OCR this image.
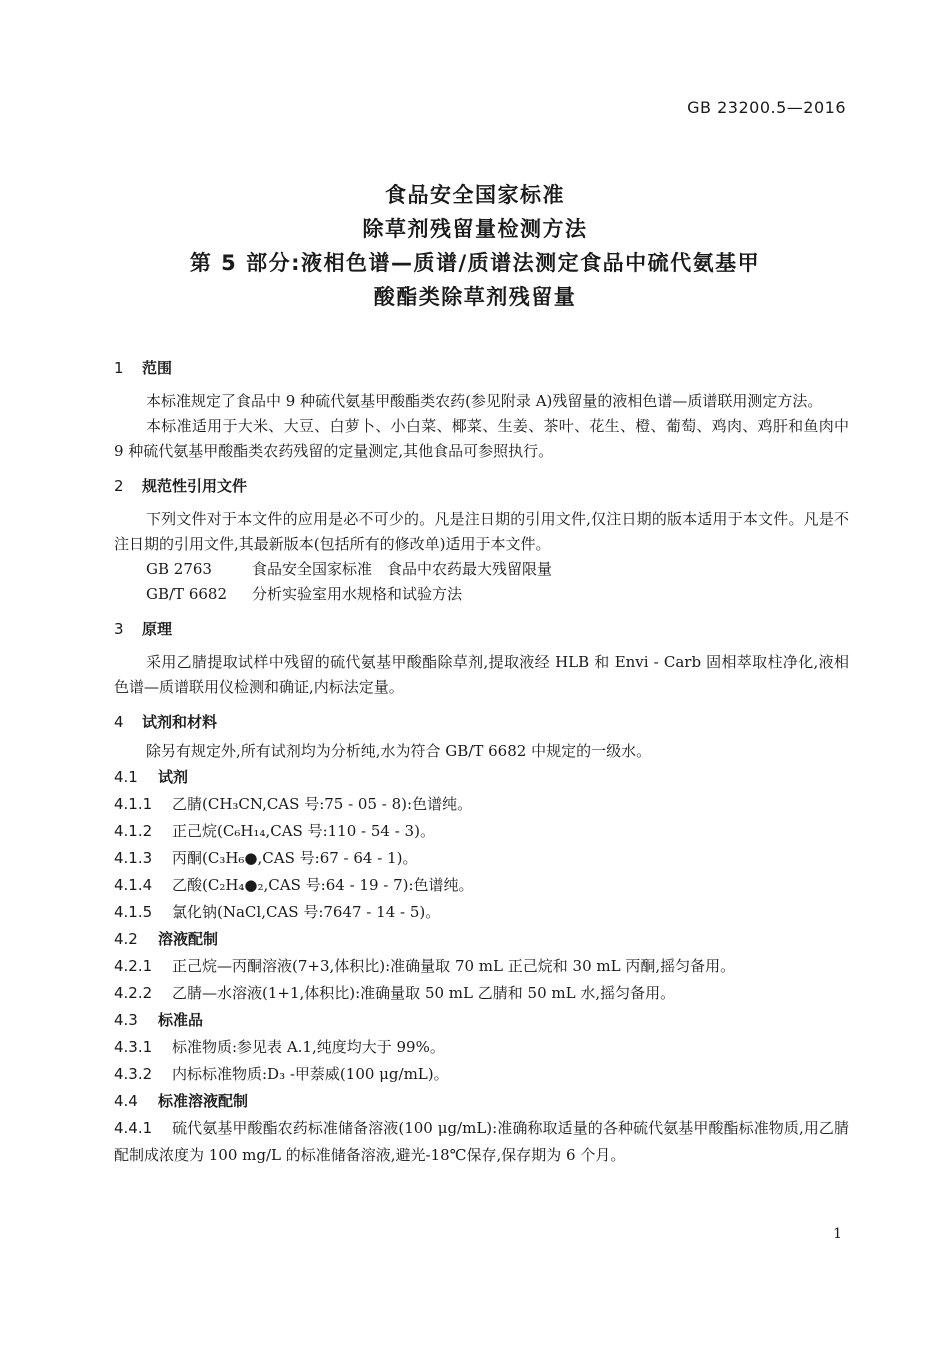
GB 23200.5—2016
食品安全国家标准
除草剂残留量检测方法
第 5 部分:液相色谱—质谱/质谱法测定食品中硫代氨基甲
酸酯类除草剂残留量
1 范围
本标准规定了食品中 9 种硫代氨基甲酸酯类农药(参见附录 A)残留量的液相色谱—质谱联用测定方法。
本标准适用于大米、大豆、白萝卜、小白菜、椰菜、生姜、茶叶、花生、橙、葡萄、鸡肉、鸡肝和鱼肉中 9 种硫代氨基甲酸酯类农药残留的定量测定,其他食品可参照执行。
2 规范性引用文件
下列文件对于本文件的应用是必不可少的。凡是注日期的引用文件,仅注日期的版本适用于本文件。凡是不注日期的引用文件,其最新版本(包括所有的修改单)适用于本文件。
GB 2763	食品安全国家标准　食品中农药最大残留限量
GB/T 6682 分析实验室用水规格和试验方法
3 原理
采用乙腈提取试样中残留的硫代氨基甲酸酯除草剂,提取液经 HLB 和 Envi - Carb 固相萃取柱净化,液相色谱—质谱联用仪检测和确证,内标法定量。
4 试剂和材料
除另有规定外,所有试剂均为分析纯,水为符合 GB/T 6682 中规定的一级水。
4.1 试剂
4.1.1 乙腈(CH₃CN,CAS 号:75 - 05 - 8):色谱纯。
4.1.2 正己烷(C₆H₁₄,CAS 号:110 - 54 - 3)。
4.1.3 丙酮(C₃H₆●,CAS 号:67 - 64 - 1)。
4.1.4 乙酸(C₂H₄●₂,CAS 号:64 - 19 - 7):色谱纯。
4.1.5 氯化钠(NaCl,CAS 号:7647 - 14 - 5)。
4.2 溶液配制
4.2.1 正己烷—丙酮溶液(7+3,体积比):准确量取 70 mL 正己烷和 30 mL 丙酮,摇匀备用。
4.2.2 乙腈—水溶液(1+1,体积比):准确量取 50 mL 乙腈和 50 mL 水,摇匀备用。
4.3 标准品
4.3.1 标准物质:参见表 A.1,纯度均大于 99%。
4.3.2 内标标准物质:D₃ -甲萘威(100 μg/mL)。
4.4 标准溶液配制
4.4.1 硫代氨基甲酸酯农药标准储备溶液(100 μg/mL):准确称取适量的各种硫代氨基甲酸酯标准物质,用乙腈配制成浓度为 100 mg/L 的标准储备溶液,避光-18℃保存,保存期为 6 个月。
1
